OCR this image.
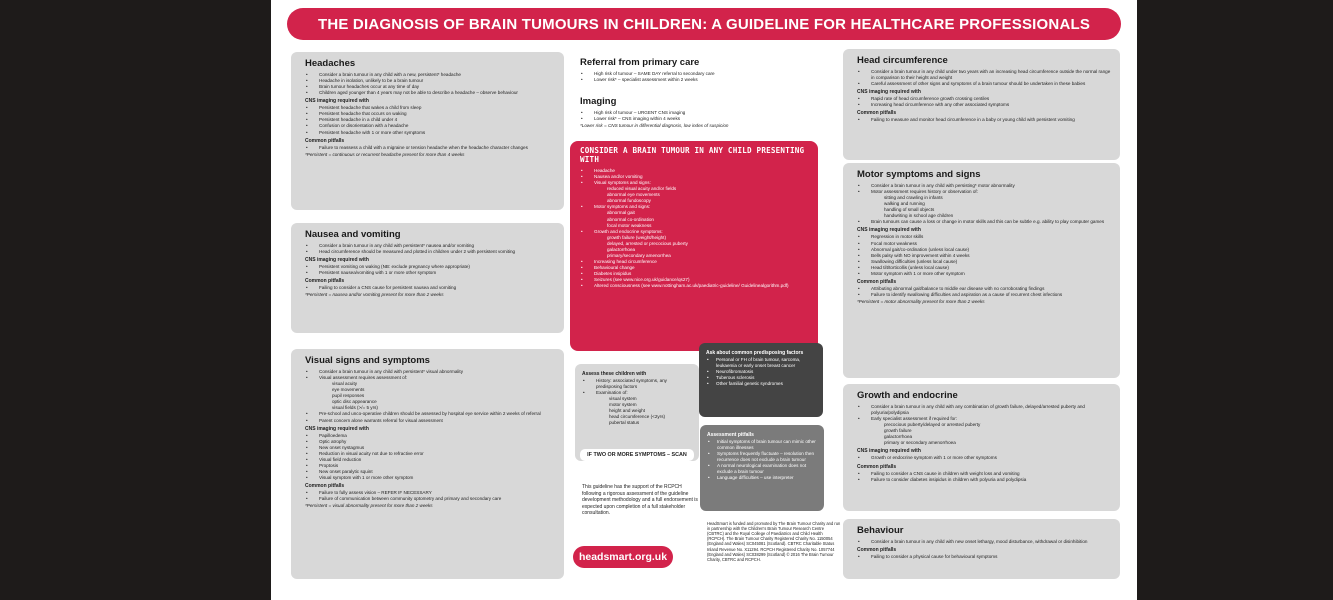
THE DIAGNOSIS OF BRAIN TUMOURS IN CHILDREN: A GUIDELINE FOR HEALTHCARE PROFESSIONALS
Headaches
• Consider a brain tumour in any child with a new, persistent* headache
• Headache in isolation, unlikely to be a brain tumour
• Brain tumour headaches occur at any time of day
• Children aged younger than 4 years may not be able to describe a headache – observe behaviour
CNS imaging required with
• Persistent headache that wakes a child from sleep
• Persistent headache that occurs on waking
• Persistent headache in a child under 4
• Confusion or disorientation with a headache
• Persistent headache with 1 or more other symptoms
Common pitfalls
• Failure to reassess a child with a migraine or tension headache when the headache character changes
*Persistent = continuous or recurrent headache present for more than 4 weeks
Nausea and vomiting
• Consider a brain tumour in any child with persistent* nausea and/or vomiting
• Head circumference should be measured and plotted in children under 2 with persistent vomiting
CNS imaging required with
• Persistent vomiting on waking (NB: exclude pregnancy where appropriate)
• Persistent nausea/vomiting with 1 or more other symptom
Common pitfalls
• Failing to consider a CNS cause for persistent nausea and vomiting
*Persistent = nausea and/or vomiting present for more than 2 weeks
Visual signs and symptoms
• Consider a brain tumour in any child with persistent* visual abnormality
• Visual assessment requires assessment of:
visual acuity
eye movements
pupil responses
optic disc appearance
visual fields (>/= 5 yrs)
• Pre-school and unco-operative children should be assessed by hospital eye service within 2 weeks of referral
• Parent concern alone warrants referral for visual assessment
CNS imaging required with
• Papilloedema
• Optic atrophy
• New onset nystagmus
• Reduction in visual acuity not due to refractive error
• Visual field reduction
• Proptosis
• New onset paralytic squint
• Visual symptom with 1 or more other symptom
Common pitfalls
• Failure to fully assess vision – REFER IF NECESSARY
• Failure of communication between community optometry and primary and secondary care
*Persistent = visual abnormality present for more than 2 weeks
Referral from primary care
• High risk of tumour – SAME DAY referral to secondary care
• Lower risk* – specialist assessment within 2 weeks
Imaging
• High risk of tumour – URGENT CNS imaging
• Lower risk* – CNS imaging within 4 weeks
*Lower risk = CNS tumour in differential diagnosis, low index of suspicion
CONSIDER A BRAIN TUMOUR IN ANY CHILD PRESENTING WITH
• Headache
• Nausea and/or vomiting
• Visual symptoms and signs:
reduced visual acuity and/or fields
abnormal eye movements
abnormal fundoscopy
• Motor symptoms and signs:
abnormal gait
abnormal co-ordination
focal motor weakness
• Growth and endocrine symptoms:
growth failure (weight/height)
delayed, arrested or precocious puberty
galactorrhoea
primary/secondary amenorrhea
• Increasing head circumference
• Behavioural change
• Diabetes insipidus
• Seizures (see www.nice.org.uk/guidance/qs27)
• Altered consciousness (see www.nottingham.ac.uk/paediatric-guideline/ Guidelinealgorithm.pdf)
Assess these children with
• History: associated symptoms, any predisposing factors
• Examination of:
visual system
motor system
height and weight
head circumference (<2yrs)
pubertal status
IF TWO OR MORE SYMPTOMS – SCAN
Ask about common predisposing factors
• Personal or FH of brain tumour, sarcoma, leukaemia or early onset breast cancer
• Neurofibromatosis
• Tuberous sclerosis
• Other familial genetic syndromes
Assessment pitfalls
• Initial symptoms of brain tumour can mimic other common illnesses
• Symptoms frequently fluctuate – resolution then recurrence does not exclude a brain tumour
• A normal neurological examination does not exclude a brain tumour
• Language difficulties – use interpreter
This guideline has the support of the RCPCH following a rigorous assessment of the guideline development methodology and a full endorsement is expected upon completion of a full stakeholder consultation.
headsmart.org.uk
HeadSmart is funded and promoted by The Brain Tumour Charity and run in partnership with the Children's Brain Tumour Research Centre (CBTRC) and the Royal College of Paediatrics and Child Health (RCPCH). The Brain Tumour Charity Registered Charity No. 1150054 (England and Wales) SC045081 (Scotland). CBTRC Charitable Status Inland Revenue No. X11294. RCPCH Registered Charity No. 1057744 (England and Wales) SC038299 (Scotland) © 2016 The Brain Tumour Charity, CBTRC and RCPCH.
Head circumference
• Consider a brain tumour in any child under two years with an increasing head circumference outside the normal range in comparison to their height and weight
• Careful assessment of other signs and symptoms of a brain tumour should be undertaken in these babies
CNS imaging required with
• Rapid rate of head circumference growth crossing centiles
• Increasing head circumference with any other associated symptoms
Common pitfalls
• Failing to measure and monitor head circumference in a baby or young child with persistent vomiting
Motor symptoms and signs
• Consider a brain tumour in any child with persisting* motor abnormality
• Motor assessment requires history or observation of:
sitting and crawling in infants
walking and running
handling of small objects
handwriting in school age children
• Brain tumours can cause a loss or change in motor skills and this can be subtle e.g. ability to play computer games
CNS imaging required with
• Regression in motor skills
• Focal motor weakness
• Abnormal gait/co-ordination (unless local cause)
• Bells palsy with NO improvement within 4 weeks
• Swallowing difficulties (unless local cause)
• Head tilt/torticollis (unless local cause)
• Motor symptom with 1 or more other symptom
Common pitfalls
• Attributing abnormal gait/balance to middle ear disease with no corroborating findings
• Failure to identify swallowing difficulties and aspiration as a cause of recurrent chest infections
*Persistent = motor abnormality present for more than 2 weeks
Growth and endocrine
• Consider a brain tumour in any child with any combination of growth failure, delayed/arrested puberty and polyuria/polydipsia
• Early specialist assessment if required for:
precocious puberty/delayed or arrested puberty
growth failure
galactorrhoea
primary or secondary amenorrhoea
CNS imaging required with
• Growth or endocrine symptom with 1 or more other symptoms
Common pitfalls
• Failing to consider a CNS cause in children with weight loss and vomiting
• Failure to consider diabetes insipidus in children with polyuria and polydipsia
Behaviour
• Consider a brain tumour in any child with new onset lethargy, mood disturbance, withdrawal or disinhibition
Common pitfalls
• Failing to consider a physical cause for behavioural symptoms
